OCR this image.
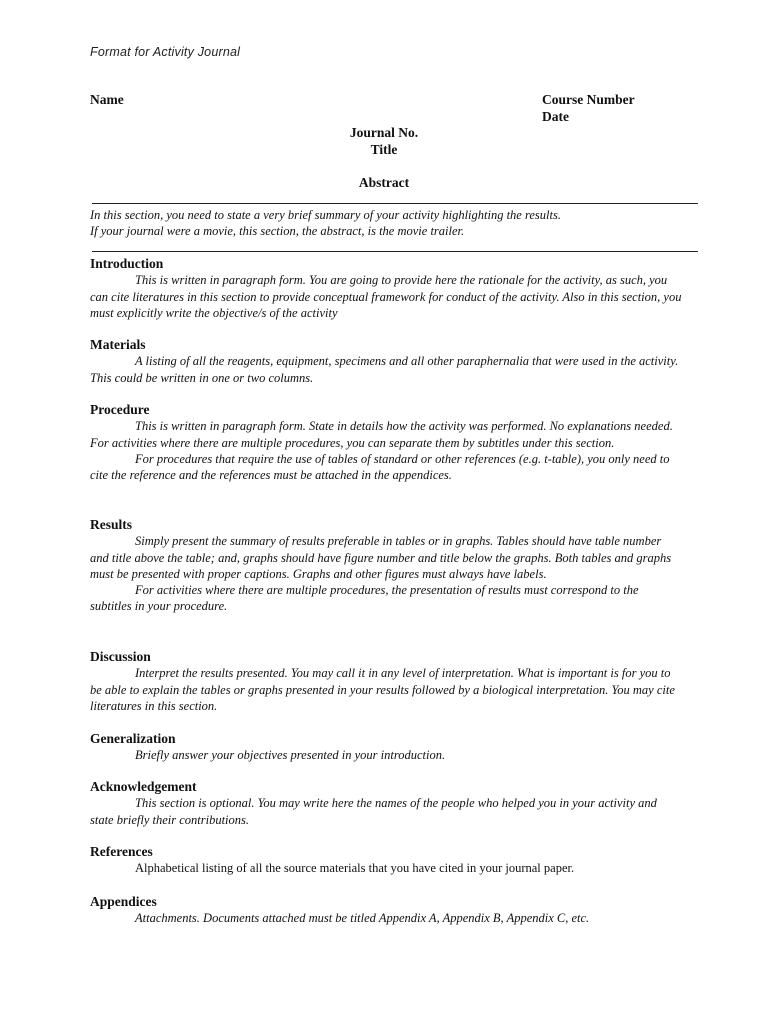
Format for Activity Journal
Name	Course Number
Date
Journal No.
Title
Abstract
In this section, you need to state a very brief summary of your activity highlighting the results.
If your journal were a movie, this section, the abstract, is the movie trailer.
Introduction

This is written in paragraph form. You are going to provide here the rationale for the activity, as such, you can cite literatures in this section to provide conceptual framework for conduct of the activity. Also in this section, you must explicitly write the objective/s of the activity

Materials

A listing of all the reagents, equipment, specimens and all other paraphernalia that were used in the activity. This could be written in one or two columns.

Procedure

This is written in paragraph form. State in details how the activity was performed. No explanations needed. For activities where there are multiple procedures, you can separate them by subtitles under this section.

For procedures that require the use of tables of standard or other references (e.g. t-table), you only need to cite the reference and the references must be attached in the appendices.

Results

Simply present the summary of results preferable in tables or in graphs. Tables should have table number and title above the table; and, graphs should have figure number and title below the graphs. Both tables and graphs must be presented with proper captions. Graphs and other figures must always have labels.

For activities where there are multiple procedures, the presentation of results must correspond to the subtitles in your procedure.

Discussion

Interpret the results presented. You may call it in any level of interpretation. What is important is for you to be able to explain the tables or graphs presented in your results followed by a biological interpretation. You may cite literatures in this section.

Generalization

Briefly answer your objectives presented in your introduction.

Acknowledgement

This section is optional. You may write here the names of the people who helped you in your activity and state briefly their contributions.

References

Alphabetical listing of all the source materials that you have cited in your journal paper.

Appendices

Attachments. Documents attached must be titled Appendix A, Appendix B, Appendix C, etc.
